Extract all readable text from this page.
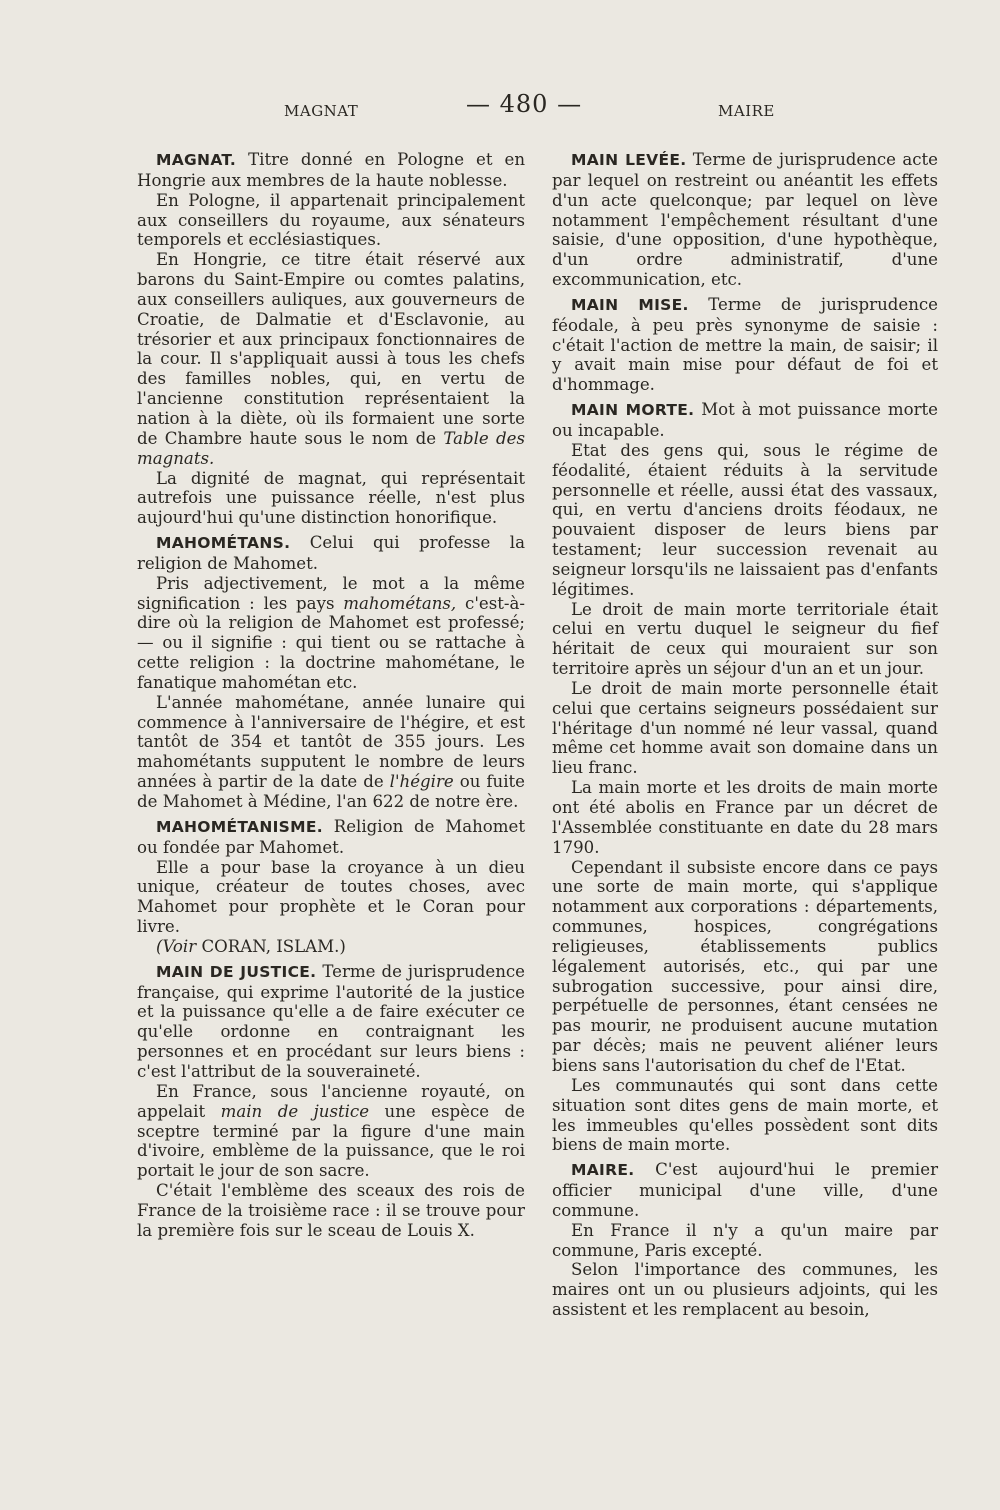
MAGNAT	— 480 —	MAIRE

MAGNAT. Titre donné en Pologne et en Hongrie aux membres de la haute noblesse.

En Pologne, il appartenait principalement aux conseillers du royaume, aux sénateurs temporels et ecclésiastiques.

En Hongrie, ce titre était réservé aux barons du Saint-Empire ou comtes palatins, aux conseillers auliques, aux gouverneurs de Croatie, de Dalmatie et d'Esclavonie, au trésorier et aux principaux fonctionnaires de la cour. Il s'appliquait aussi à tous les chefs des familles nobles, qui, en vertu de l'ancienne constitution représentaient la nation à la diète, où ils formaient une sorte de Chambre haute sous le nom de Table des magnats.

La dignité de magnat, qui représentait autrefois une puissance réelle, n'est plus aujourd'hui qu'une distinction honorifique.

MAHOMÉTANS. Celui qui professe la religion de Mahomet.

Pris adjectivement, le mot a la même signification : les pays mahométans, c'est-à-dire où la religion de Mahomet est professé; — ou il signifie : qui tient ou se rattache à cette religion : la doctrine mahométane, le fanatique mahométan etc.

L'année mahométane, année lunaire qui commence à l'anniversaire de l'hégire, et est tantôt de 354 et tantôt de 355 jours. Les mahométants supputent le nombre de leurs années à partir de la date de l'hégire ou fuite de Mahomet à Médine, l'an 622 de notre ère.

MAHOMÉTANISME. Religion de Mahomet ou fondée par Mahomet.

Elle a pour base la croyance à un dieu unique, créateur de toutes choses, avec Mahomet pour prophète et le Coran pour livre.

(Voir CORAN, ISLAM.)

MAIN DE JUSTICE. Terme de jurisprudence française, qui exprime l'autorité de la justice et la puissance qu'elle a de faire exécuter ce qu'elle ordonne en contraignant les personnes et en procédant sur leurs biens : c'est l'attribut de la souveraineté.

En France, sous l'ancienne royauté, on appelait main de justice une espèce de sceptre terminé par la figure d'une main d'ivoire, emblème de la puissance, que le roi portait le jour de son sacre.

C'était l'emblème des sceaux des rois de France de la troisième race : il se trouve pour la première fois sur le sceau de Louis X.

MAIN LEVÉE. Terme de jurisprudence acte par lequel on restreint ou anéantit les effets d'un acte quelconque; par lequel on lève notamment l'empêchement résultant d'une saisie, d'une opposition, d'une hypothèque, d'un ordre administratif, d'une excommunication, etc.

MAIN MISE. Terme de jurisprudence féodale, à peu près synonyme de saisie : c'était l'action de mettre la main, de saisir; il y avait main mise pour défaut de foi et d'hommage.

MAIN MORTE. Mot à mot puissance morte ou incapable.

Etat des gens qui, sous le régime de féodalité, étaient réduits à la servitude personnelle et réelle, aussi état des vassaux, qui, en vertu d'anciens droits féodaux, ne pouvaient disposer de leurs biens par testament; leur succession revenait au seigneur lorsqu'ils ne laissaient pas d'enfants légitimes.

Le droit de main morte territoriale était celui en vertu duquel le seigneur du fief héritait de ceux qui mouraient sur son territoire après un séjour d'un an et un jour.

Le droit de main morte personnelle était celui que certains seigneurs possédaient sur l'héritage d'un nommé né leur vassal, quand même cet homme avait son domaine dans un lieu franc.

La main morte et les droits de main morte ont été abolis en France par un décret de l'Assemblée constituante en date du 28 mars 1790.

Cependant il subsiste encore dans ce pays une sorte de main morte, qui s'applique notamment aux corporations : départements, communes, hospices, congrégations religieuses, établissements publics légalement autorisés, etc., qui par une subrogation successive, pour ainsi dire, perpétuelle de personnes, étant censées ne pas mourir, ne produisent aucune mutation par décès; mais ne peuvent aliéner leurs biens sans l'autorisation du chef de l'Etat.

Les communautés qui sont dans cette situation sont dites gens de main morte, et les immeubles qu'elles possèdent sont dits biens de main morte.

MAIRE. C'est aujourd'hui le premier officier municipal d'une ville, d'une commune.

En France il n'y a qu'un maire par commune, Paris excepté.

Selon l'importance des communes, les maires ont un ou plusieurs adjoints, qui les assistent et les remplacent au besoin,
